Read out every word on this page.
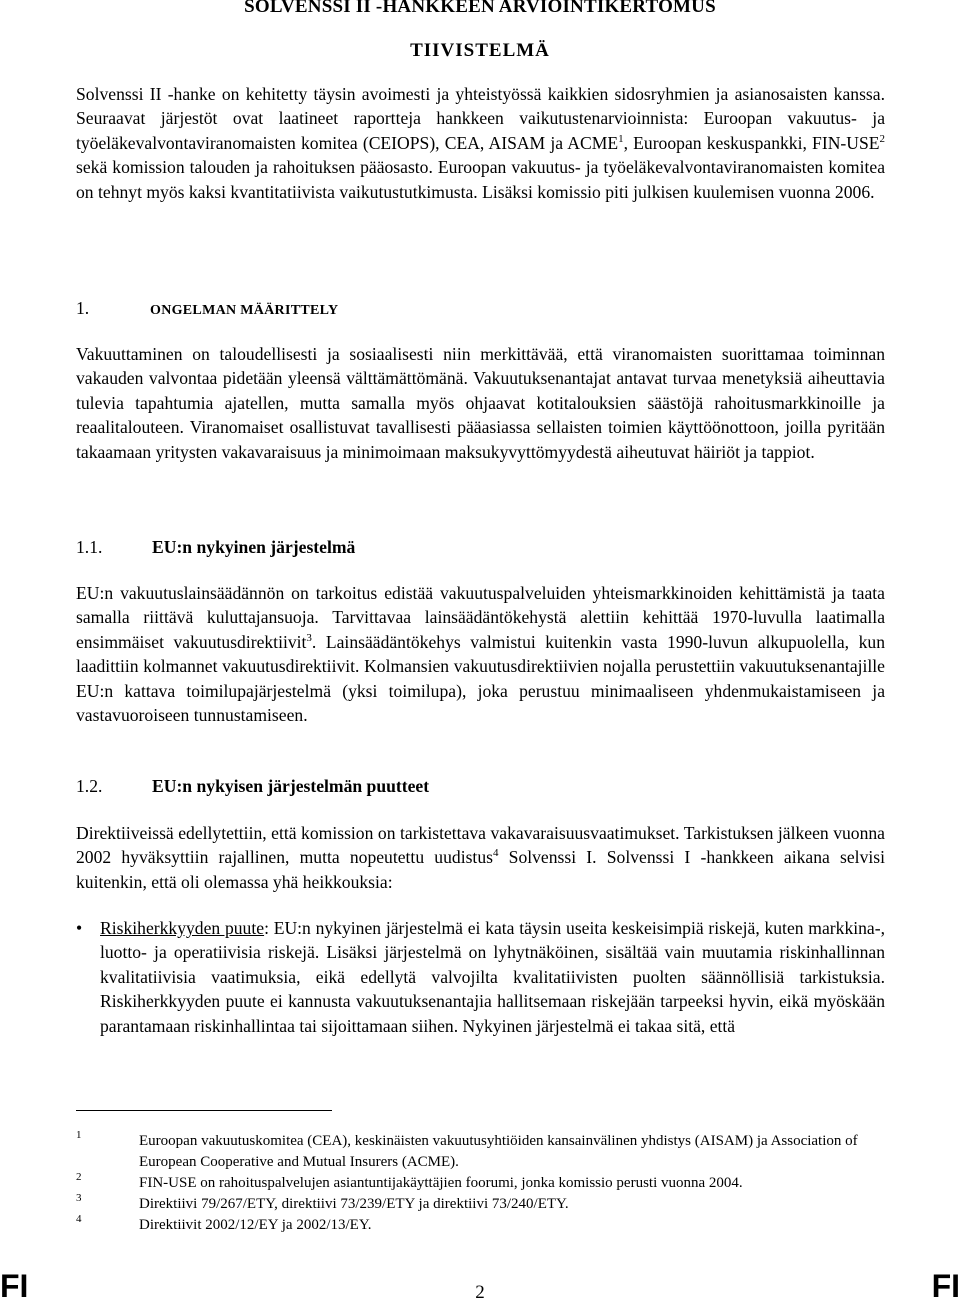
SOLVENSSI II -HANKKEEN ARVIOINTIKERTOMUS
TIIVISTELMÄ

Solvenssi II -hanke on kehitetty täysin avoimesti ja yhteistyössä kaikkien sidosryhmien ja asianosaisten kanssa. Seuraavat järjestöt ovat laatineet raportteja hankkeen vaikutustenarvioinnista: Euroopan vakuutus- ja työeläkevalvontaviranomaisten komitea (CEIOPS), CEA, AISAM ja ACME$^1$, Euroopan keskuspankki, FIN-USE$^2$ sekä komission talouden ja rahoituksen pääosasto. Euroopan vakuutus- ja työeläkevalvontaviranomaisten komitea on tehnyt myös kaksi kvantitatiivista vaikutustutkimusta. Lisäksi komissio piti julkisen kuulemisen vuonna 2006.

1.	ONGELMAN MÄÄRITTELY

Vakuuttaminen on taloudellisesti ja sosiaalisesti niin merkittävää, että viranomaisten suorittamaa toiminnan vakauden valvontaa pidetään yleensä välttämättömänä. Vakuutuksenantajat antavat turvaa menetyksiä aiheuttavia tulevia tapahtumia ajatellen, mutta samalla myös ohjaavat kotitalouksien säästöjä rahoitusmarkkinoille ja reaalitalouteen. Viranomaiset osallistuvat tavallisesti pääasiassa sellaisten toimien käyttöönottoon, joilla pyritään takaamaan yritysten vakavaraisuus ja minimoimaan maksukyvyttömyydestä aiheutuvat häiriöt ja tappiot.

1.1.	EU:n nykyinen järjestelmä

EU:n vakuutuslainsäädännön on tarkoitus edistää vakuutuspalveluiden yhteismarkkinoiden kehittämistä ja taata samalla riittävä kuluttajansuoja. Tarvittavaa lainsäädäntökehystä alettiin kehittää 1970-luvulla laatimalla ensimmäiset vakuutusdirektiivit$^3$. Lainsäädäntökehys valmistui kuitenkin vasta 1990-luvun alkupuolella, kun laadittiin kolmannet vakuutusdirektiivit. Kolmansien vakuutusdirektiivien nojalla perustettiin vakuutuksenantajille EU:n kattava toimilupajärjestelmä (yksi toimilupa), joka perustuu minimaaliseen yhdenmukaistamiseen ja vastavuoroiseen tunnustamiseen.

1.2.	EU:n nykyisen järjestelmän puutteet

Direktiiveissä edellytettiin, että komission on tarkistettava vakavaraisuusvaatimukset. Tarkistuksen jälkeen vuonna 2002 hyväksyttiin rajallinen, mutta nopeutettu uudistus$^4$ Solvenssi I. Solvenssi I -hankkeen aikana selvisi kuitenkin, että oli olemassa yhä heikkouksia:

•	Riskiherkkyyden puute: EU:n nykyinen järjestelmä ei kata täysin useita keskeisimpiä riskejä, kuten markkina-, luotto- ja operatiivisia riskejä. Lisäksi järjestelmä on lyhytnäköinen, sisältää vain muutamia riskinhallinnan kvalitatiivisia vaatimuksia, eikä edellytä valvojilta kvalitatiivisten puolten säännöllisiä tarkistuksia. Riskiherkkyyden puute ei kannusta vakuutuksenantajia hallitsemaan riskejään tarpeeksi hyvin, eikä myöskään parantamaan riskinhallintaa tai sijoittamaan siihen. Nykyinen järjestelmä ei takaa sitä, että
1	Euroopan vakuutuskomitea (CEA), keskinäisten vakuutusyhtiöiden kansainvälinen yhdistys (AISAM) ja Association of European Cooperative and Mutual Insurers (ACME).
2	FIN-USE on rahoituspalvelujen asiantuntijakäyttäjien foorumi, jonka komissio perusti vuonna 2004.
3	Direktiivi 79/267/ETY, direktiivi 73/239/ETY ja direktiivi 73/240/ETY.
4	Direktiivit 2002/12/EY ja 2002/13/EY.
FI	2	FI
